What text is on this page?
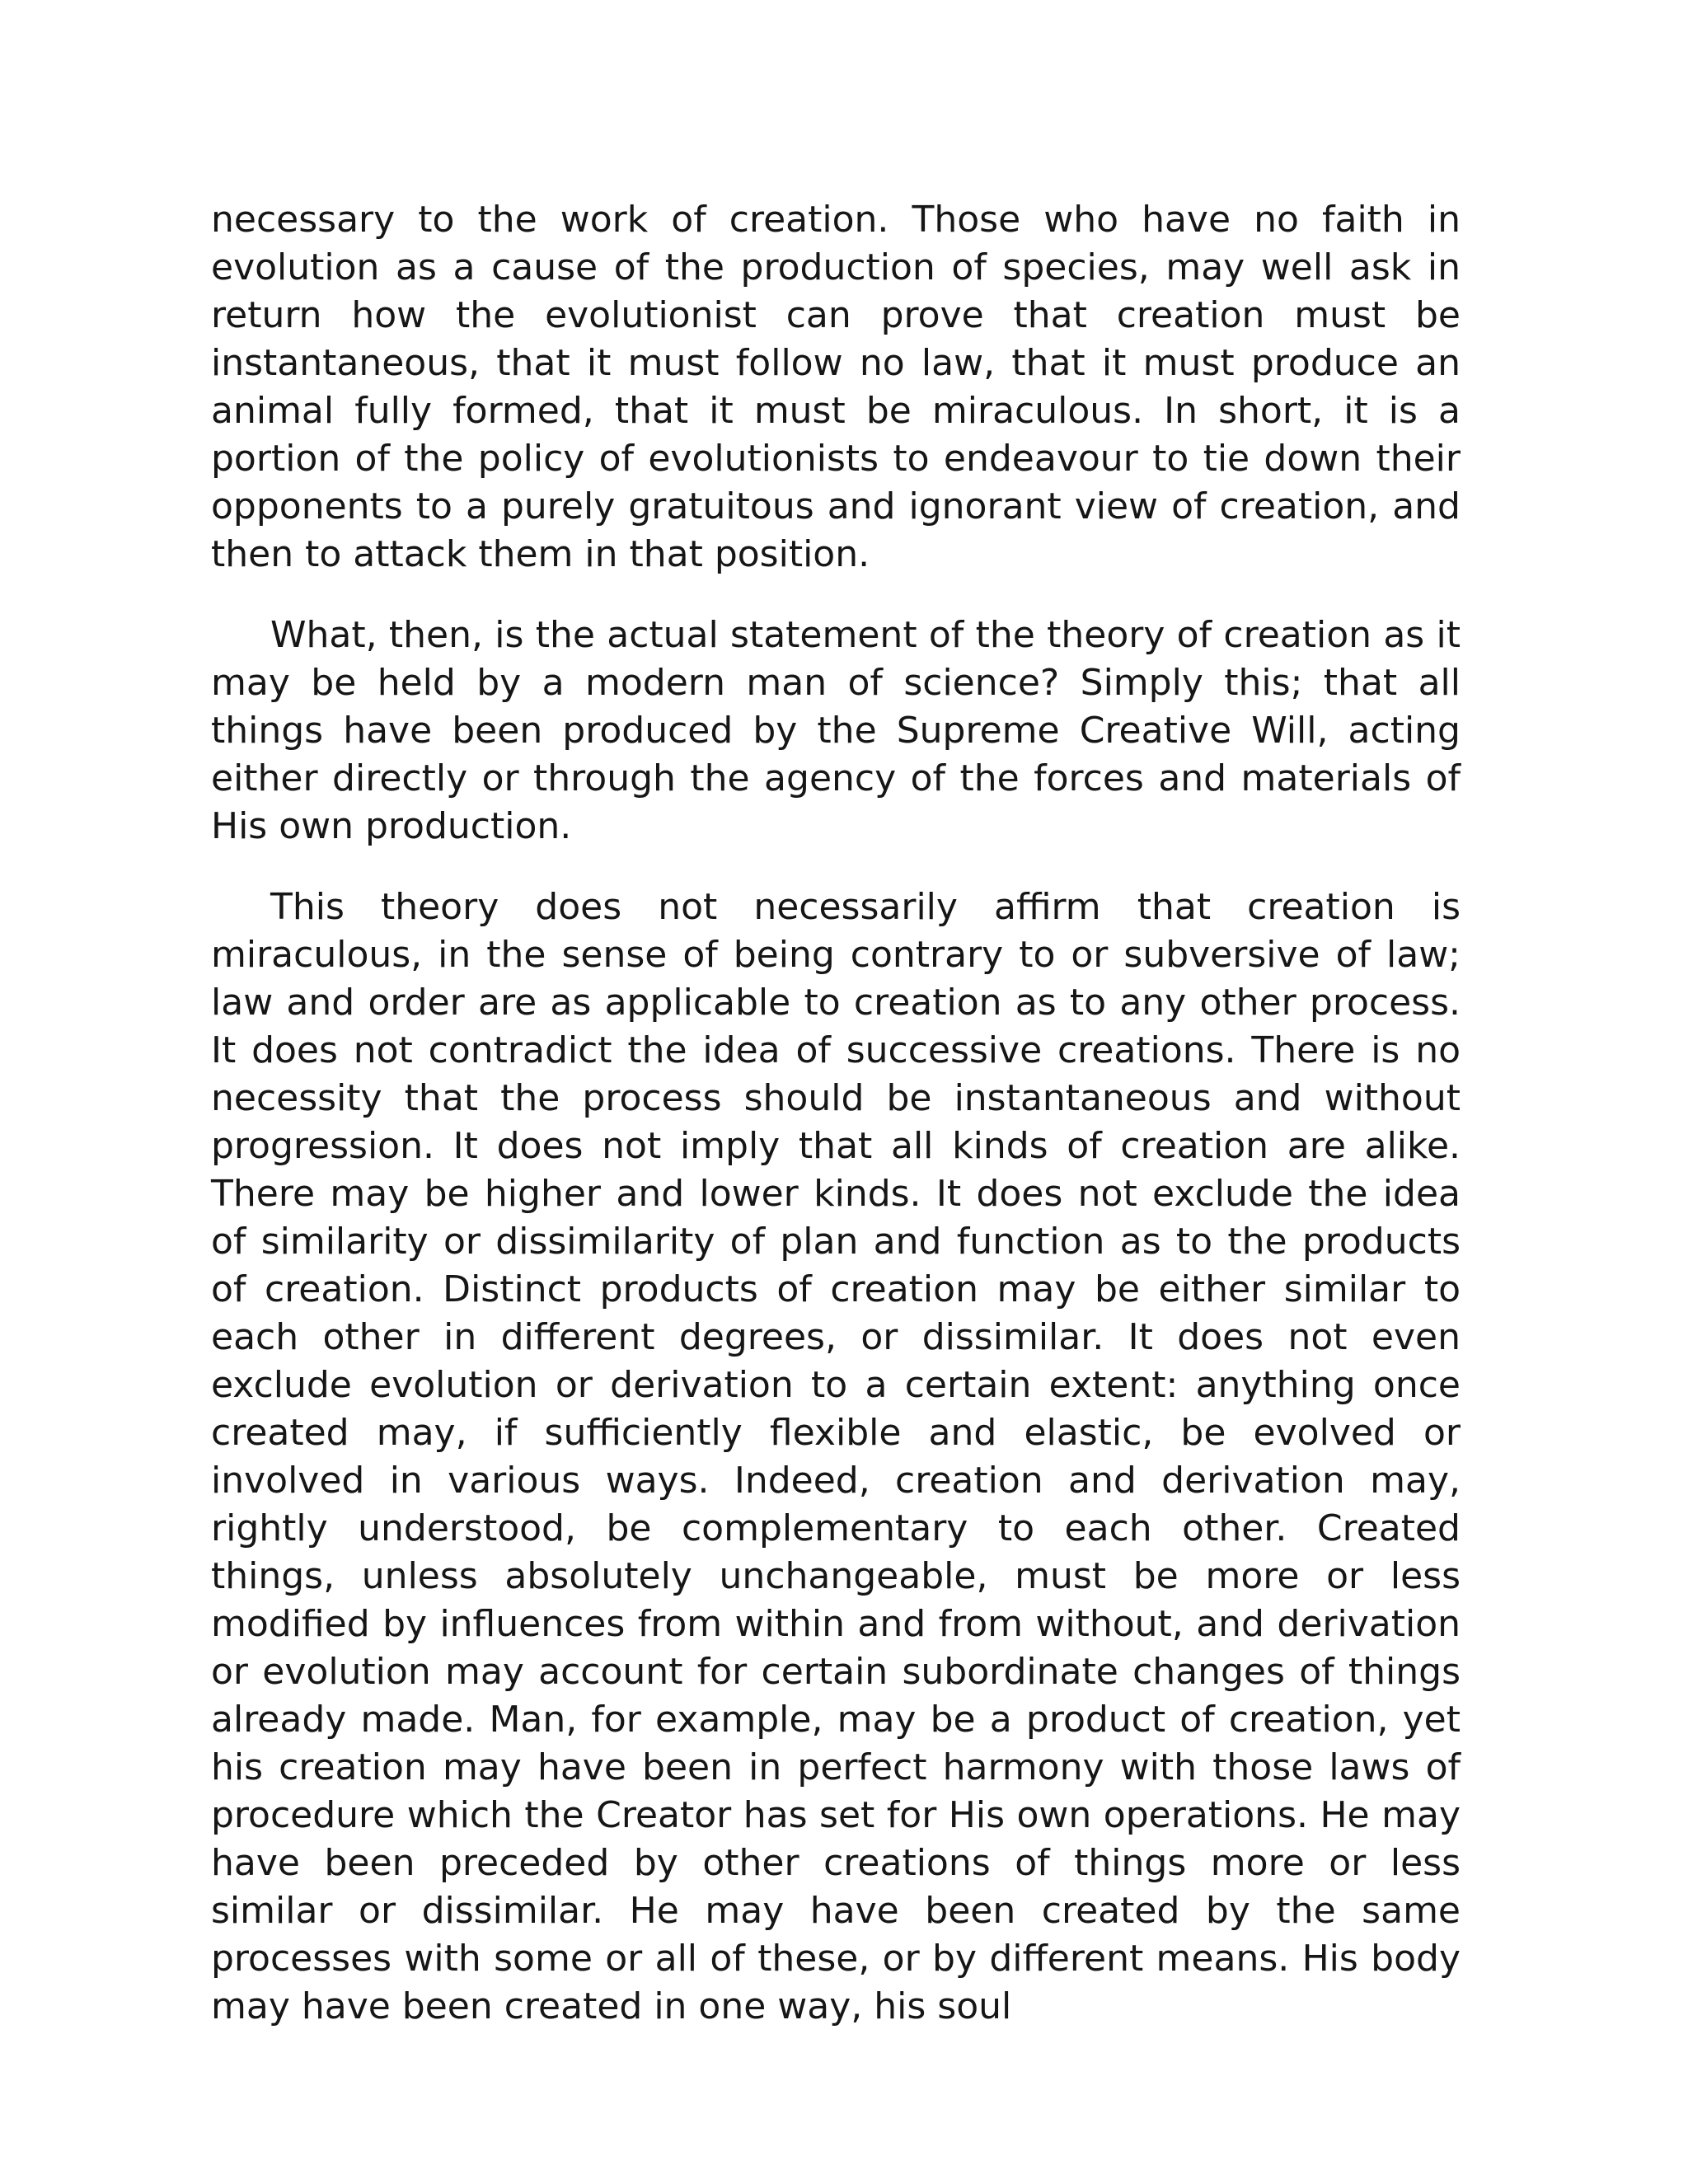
necessary to the work of creation. Those who have no faith in evolution as a cause of the production of species, may well ask in return how the evolutionist can prove that creation must be instantaneous, that it must follow no law, that it must produce an animal fully formed, that it must be miraculous. In short, it is a portion of the policy of evolutionists to endeavour to tie down their opponents to a purely gratuitous and ignorant view of creation, and then to attack them in that position.

What, then, is the actual statement of the theory of creation as it may be held by a modern man of science? Simply this; that all things have been produced by the Supreme Creative Will, acting either directly or through the agency of the forces and materials of His own production.

This theory does not necessarily affirm that creation is miraculous, in the sense of being contrary to or subversive of law; law and order are as applicable to creation as to any other process. It does not contradict the idea of successive creations. There is no necessity that the process should be instantaneous and without progression. It does not imply that all kinds of creation are alike. There may be higher and lower kinds. It does not exclude the idea of similarity or dissimilarity of plan and function as to the products of creation. Distinct products of creation may be either similar to each other in different degrees, or dissimilar. It does not even exclude evolution or derivation to a certain extent: anything once created may, if sufficiently flexible and elastic, be evolved or involved in various ways. Indeed, creation and derivation may, rightly understood, be complementary to each other. Created things, unless absolutely unchangeable, must be more or less modified by influences from within and from without, and derivation or evolution may account for certain subordinate changes of things already made. Man, for example, may be a product of creation, yet his creation may have been in perfect harmony with those laws of procedure which the Creator has set for His own operations. He may have been preceded by other creations of things more or less similar or dissimilar. He may have been created by the same processes with some or all of these, or by different means. His body may have been created in one way, his soul
